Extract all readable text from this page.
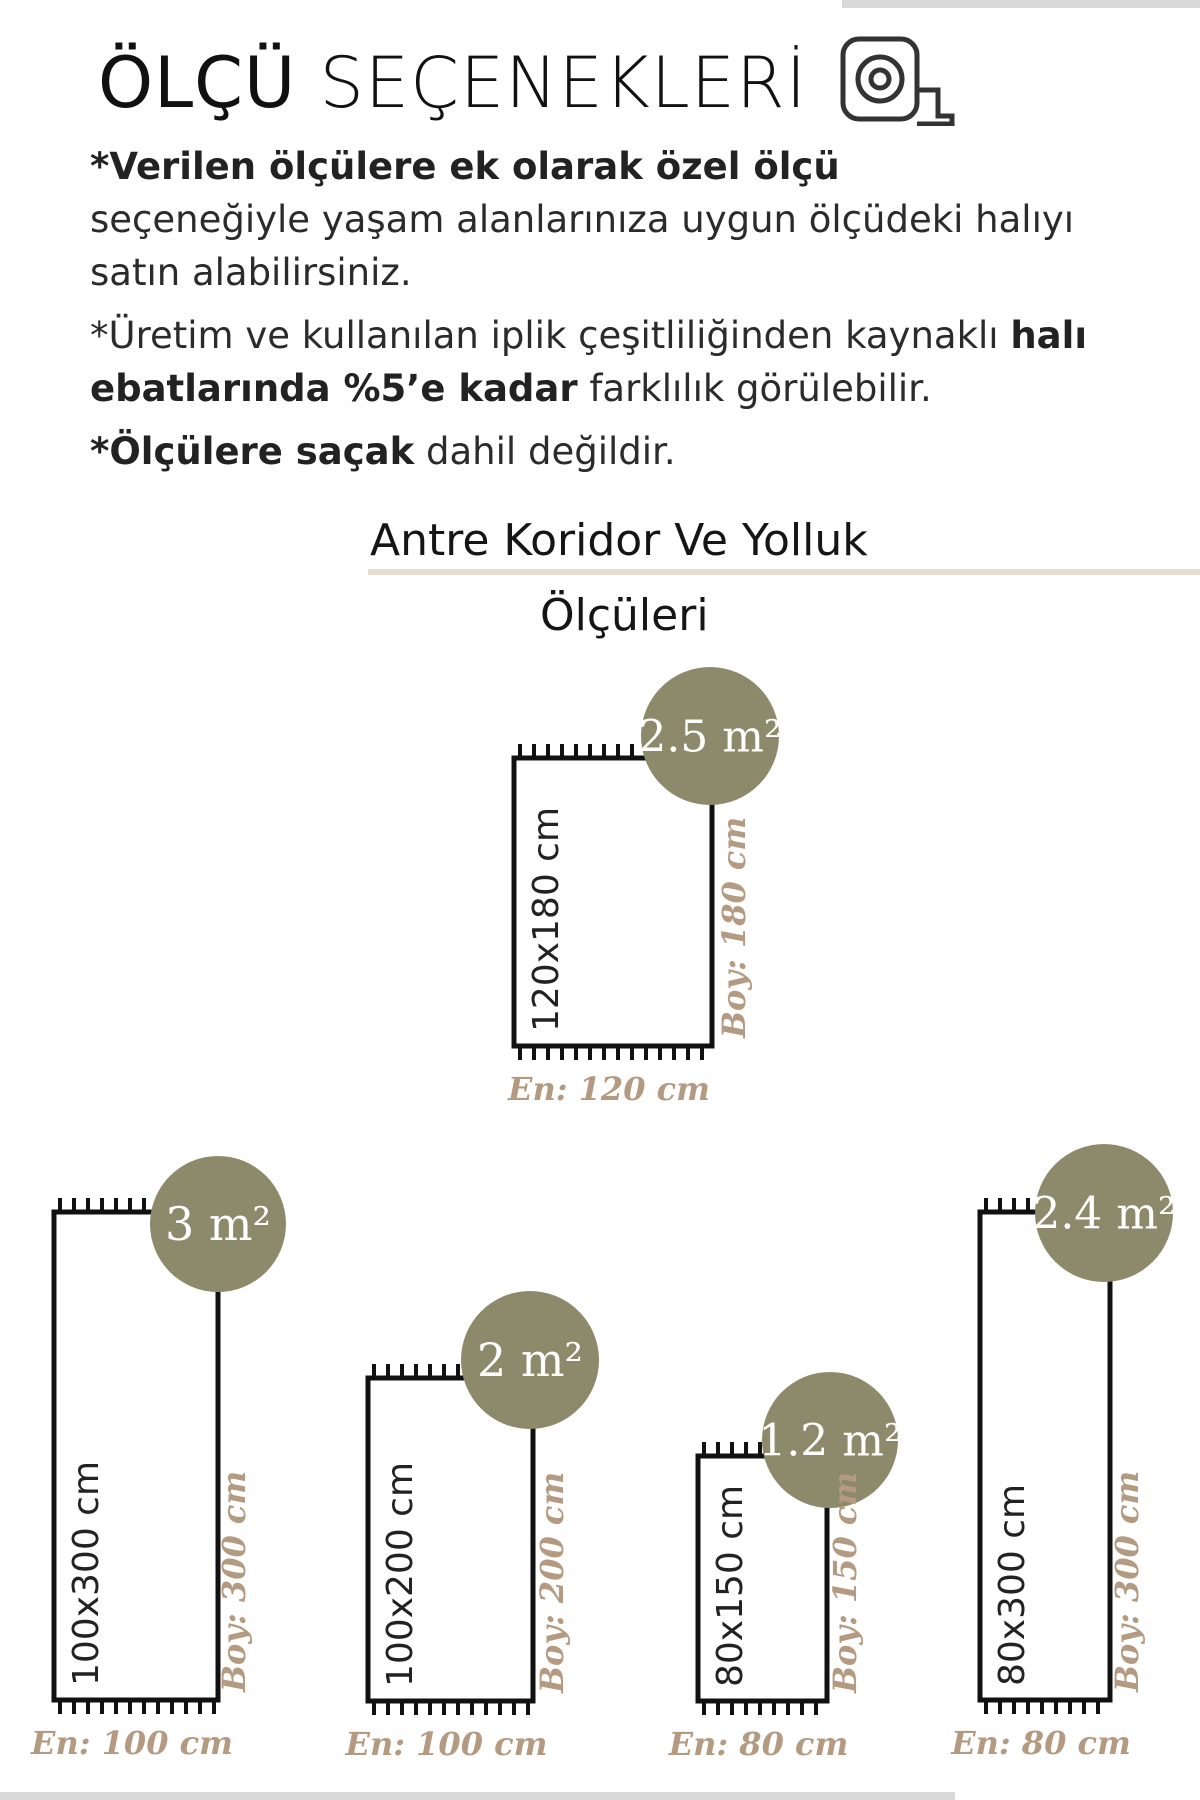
ÖLÇÜ SEÇENEKLERİ

*Verilen ölçülere ek olarak özel ölçü
seçeneğiyle yaşam alanlarınıza uygun ölçüdeki halıyı satın alabilirsiniz.

*Üretim ve kullanılan iplik çeşitliliğinden kaynaklı halı ebatlarında %5’e kadar farklılık görülebilir.

*Ölçülere saçak dahil değildir.

Antre Koridor Ve Yolluk
Ölçüleri
2.5 m²
120x180 cm	Boy: 180 cm
En: 120 cm
3 m²
100x300 cm	Boy: 300 cm
En: 100 cm
2 m²
100x200 cm	Boy: 200 cm
En: 100 cm
1.2 m²
80x150 cm Boy: 150 cm
En: 80 cm
2.4 m²
80x300 cm Boy: 300 cm
En: 80 cm
